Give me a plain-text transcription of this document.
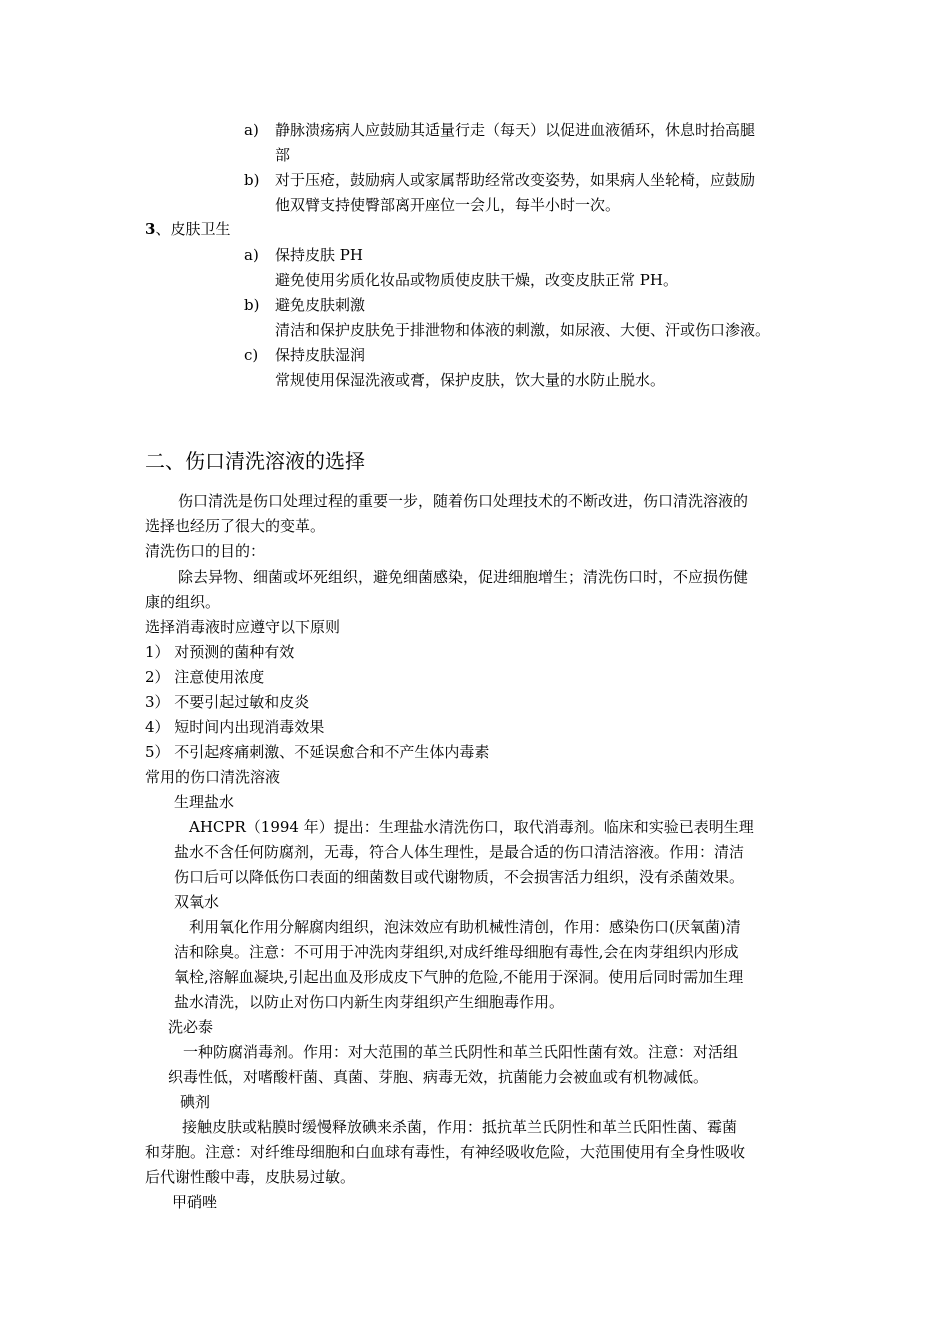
a) 静脉溃疡病人应鼓励其适量行走（每天）以促进血液循环，休息时抬高腿
部
b) 对于压疮，鼓励病人或家属帮助经常改变姿势，如果病人坐轮椅，应鼓励
他双臂支持使臀部离开座位一会儿，每半小时一次。
3、皮肤卫生
a) 保持皮肤 PH
避免使用劣质化妆品或物质使皮肤干燥，改变皮肤正常 PH。
b) 避免皮肤刺激
清洁和保护皮肤免于排泄物和体液的刺激，如尿液、大便、汗或伤口渗液。
c) 保持皮肤湿润
常规使用保湿洗液或膏，保护皮肤，饮大量的水防止脱水。
二、伤口清洗溶液的选择
伤口清洗是伤口处理过程的重要一步，随着伤口处理技术的不断改进，伤口清洗溶液的
选择也经历了很大的变革。
清洗伤口的目的：
除去异物、细菌或坏死组织，避免细菌感染，促进细胞增生；清洗伤口时，不应损伤健
康的组织。
选择消毒液时应遵守以下原则
1） 对预测的菌种有效
2） 注意使用浓度
3） 不要引起过敏和皮炎
4） 短时间内出现消毒效果
5） 不引起疼痛刺激、不延误愈合和不产生体内毒素
常用的伤口清洗溶液
生理盐水
AHCPR（1994 年）提出：生理盐水清洗伤口，取代消毒剂。临床和实验已表明生理
盐水不含任何防腐剂，无毒，符合人体生理性，是最合适的伤口清洁溶液。作用：清洁
伤口后可以降低伤口表面的细菌数目或代谢物质，不会损害活力组织，没有杀菌效果。
双氧水
利用氧化作用分解腐肉组织，泡沫效应有助机械性清创，作用：感染伤口(厌氧菌)清
洁和除臭。注意：不可用于冲洗肉芽组织,对成纤维母细胞有毒性,会在肉芽组织内形成
氧栓,溶解血凝块,引起出血及形成皮下气肿的危险,不能用于深洞。使用后同时需加生理
盐水清洗，以防止对伤口内新生肉芽组织产生细胞毒作用。
洗必泰
一种防腐消毒剂。作用：对大范围的革兰氏阴性和革兰氏阳性菌有效。注意：对活组
织毒性低，对嗜酸杆菌、真菌、芽胞、病毒无效，抗菌能力会被血或有机物减低。
碘剂
接触皮肤或粘膜时缓慢释放碘来杀菌，作用：抵抗革兰氏阴性和革兰氏阳性菌、霉菌
和芽胞。注意：对纤维母细胞和白血球有毒性，有神经吸收危险，大范围使用有全身性吸收
后代谢性酸中毒，皮肤易过敏。
甲硝唑
